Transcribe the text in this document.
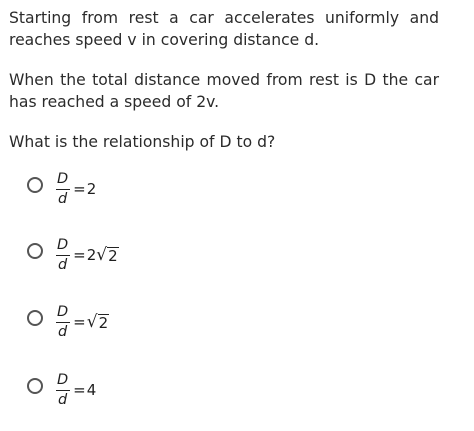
Starting from rest a car accelerates uniformly and reaches speed v in covering distance d.

When the total distance moved from rest is D the car has reached a speed of 2v.

What is the relationship of D to d?

$\frac{D}{d} = 2$
$\frac{D}{d} = 2$ √ 2
$\frac{D}{d}$ = √ 2
$\frac{D}{d} = 4$
